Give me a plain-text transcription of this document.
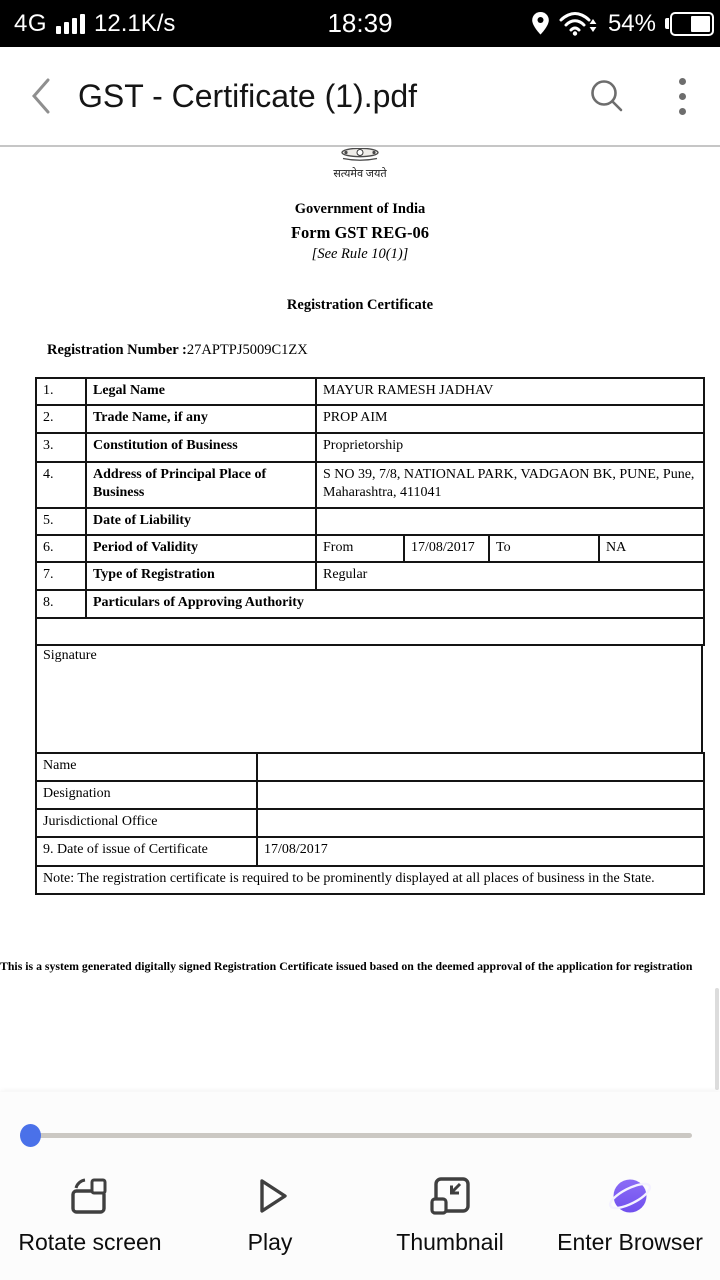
4G 12.1K/s	18:39	54%
GST - Certificate (1).pdf
सत्यमेव जयते
Government of India
Form GST REG-06
[See Rule 10(1)]
Registration Certificate
Registration Number :27APTPJ5009C1ZX
1.	Legal Name	MAYUR RAMESH JADHAV			
2.	Trade Name, if any	PROP AIM			
3.	Constitution of Business	Proprietorship			
4.	Address of Principal Place of Business	S NO 39, 7/8, NATIONAL PARK, VADGAON BK, PUNE, Pune, Maharashtra, 411041			
5.	Date of Liability				
6.	Period of Validity	From	17/08/2017	To	NA
7.	Type of Registration	Regular			
8.	Particulars of Approving Authority				

Signature
Name	
Designation	
Jurisdictional Office	
9. Date of issue of Certificate	17/08/2017
Note: The registration certificate is required to be prominently displayed at all places of business in the State.	
This is a system generated digitally signed Registration Certificate issued based on the deemed approval of the application for registration
Rotate screen	Play	Thumbnail Enter Browser
